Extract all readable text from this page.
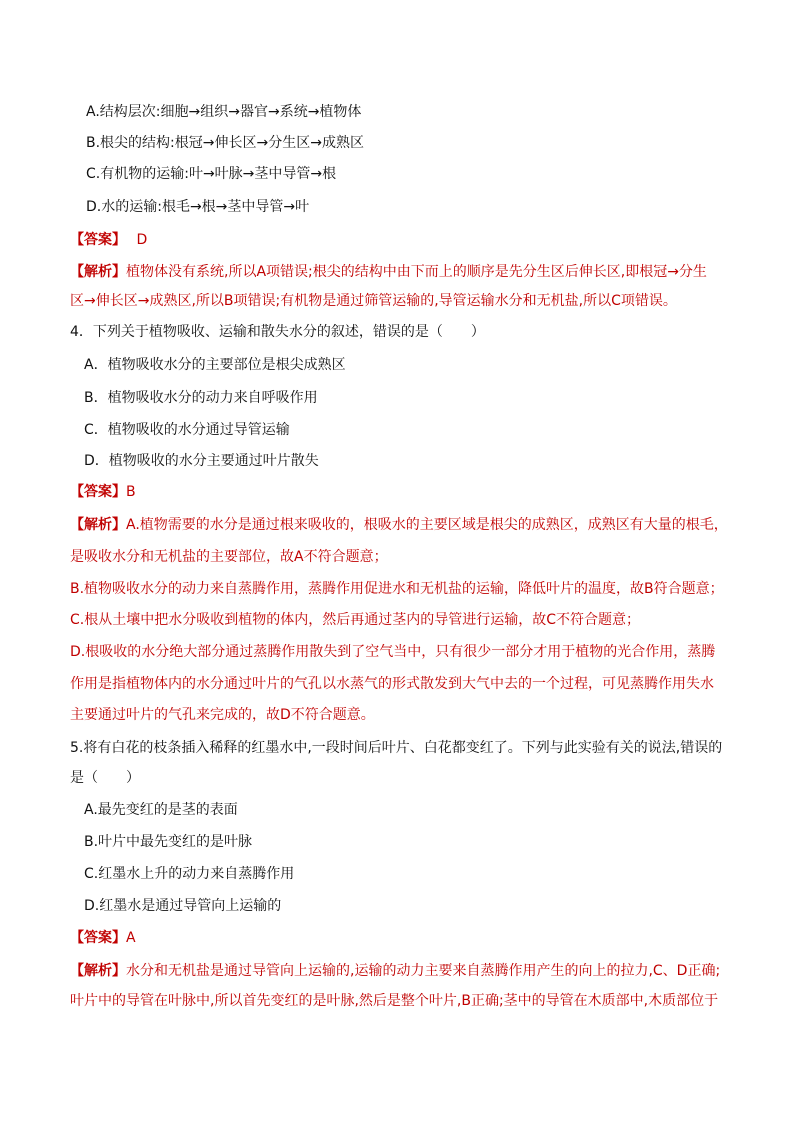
A.结构层次:细胞→组织→器官→系统→植物体
B.根尖的结构:根冠→伸长区→分生区→成熟区
C.有机物的运输:叶→叶脉→茎中导管→根
D.水的运输:根毛→根→茎中导管→叶
【答案】 D
【解析】植物体没有系统,所以A项错误;根尖的结构中由下而上的顺序是先分生区后伸长区,即根冠→分生
区→伸长区→成熟区,所以B项错误;有机物是通过筛管运输的,导管运输水分和无机盐,所以C项错误。
4．下列关于植物吸收、运输和散失水分的叙述，错误的是（　　）
A．植物吸收水分的主要部位是根尖成熟区
B．植物吸收水分的动力来自呼吸作用
C．植物吸收的水分通过导管运输
D．植物吸收的水分主要通过叶片散失
【答案】B
【解析】A.植物需要的水分是通过根来吸收的，根吸水的主要区域是根尖的成熟区，成熟区有大量的根毛，
是吸收水分和无机盐的主要部位，故A不符合题意；
B.植物吸收水分的动力来自蒸腾作用，蒸腾作用促进水和无机盐的运输，降低叶片的温度，故B符合题意；
C.根从土壤中把水分吸收到植物的体内，然后再通过茎内的导管进行运输，故C不符合题意；
D.根吸收的水分绝大部分通过蒸腾作用散失到了空气当中，只有很少一部分才用于植物的光合作用，蒸腾
作用是指植物体内的水分通过叶片的气孔以水蒸气的形式散发到大气中去的一个过程，可见蒸腾作用失水
主要通过叶片的气孔来完成的，故D不符合题意。
5.将有白花的枝条插入稀释的红墨水中,一段时间后叶片、白花都变红了。下列与此实验有关的说法,错误的
是（　　）
A.最先变红的是茎的表面
B.叶片中最先变红的是叶脉
C.红墨水上升的动力来自蒸腾作用
D.红墨水是通过导管向上运输的
【答案】A
【解析】水分和无机盐是通过导管向上运输的,运输的动力主要来自蒸腾作用产生的向上的拉力,C、D正确;
叶片中的导管在叶脉中,所以首先变红的是叶脉,然后是整个叶片,B正确;茎中的导管在木质部中,木质部位于
